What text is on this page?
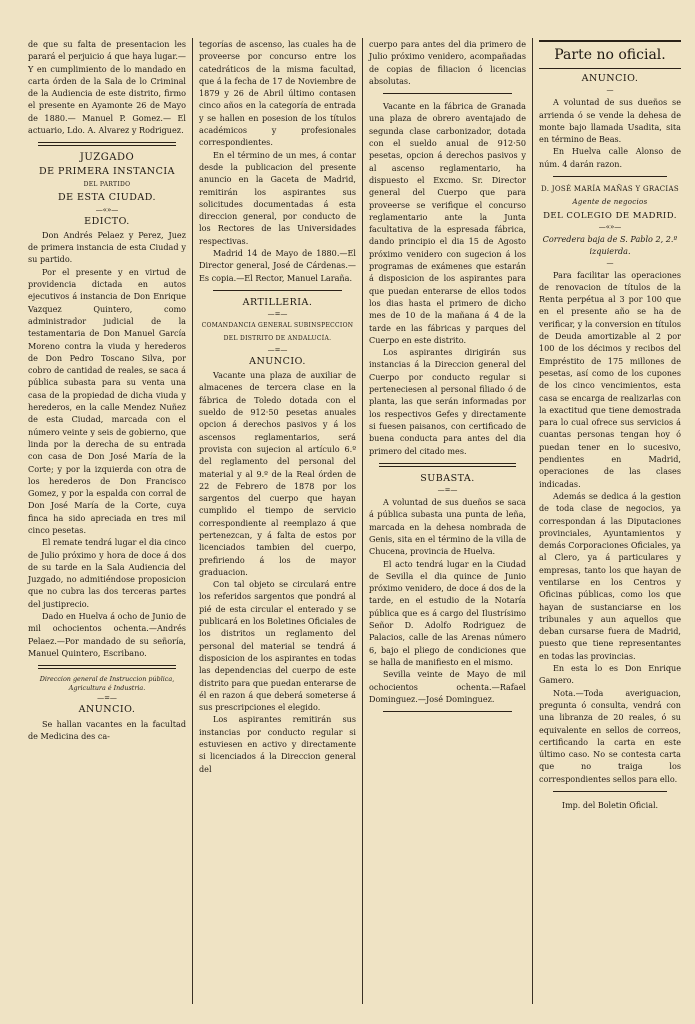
de que su falta de presentacion les parará el perjuicio á que haya lugar.— Y en cumplimiento de lo mandado en carta órden de la Sala de lo Criminal de la Audiencia de este distrito, firmo el presente en Ayamonte 26 de Mayo de 1880.— Manuel P. Gomez.— El actuario, Ldo. A. Alvarez y Rodriguez.

JUZGADO
DE PRIMERA INSTANCIA
DEL PARTIDO
DE ESTA CIUDAD.
—«»—
EDICTO.

Don Andrés Pelaez y Perez, Juez de primera instancia de esta Ciudad y su partido.

Por el presente y en virtud de providencia dictada en autos ejecutivos á instancia de Don Enrique Vazquez Quintero, como administrador judicial de la testamentaria de Don Manuel García Moreno contra la viuda y herederos de Don Pedro Toscano Silva, por cobro de cantidad de reales, se saca á pública subasta para su venta una casa de la propiedad de dicha viuda y herederos, en la calle Mendez Nuñez de esta Ciudad, marcada con el número veinte y seis de gobierno, que linda por la derecha de su entrada con casa de Don José María de la Corte; y por la izquierda con otra de los herederos de Don Francisco Gomez, y por la espalda con corral de Don José María de la Corte, cuya finca ha sido apreciada en tres mil cinco pesetas.

El remate tendrá lugar el dia cinco de Julio próximo y hora de doce á dos de su tarde en la Sala Audiencia del Juzgado, no admitiéndose proposicion que no cubra las dos terceras partes del justiprecio.

Dado en Huelva á ocho de Junio de mil ochocientos ochenta.—Andrés Pelaez.—Por mandado de su señoría, Manuel Quintero, Escribano.

Direccion general de Instruccion pública, Agricultura é Industria.

—=—
ANUNCIO.

Se hallan vacantes en la facultad de Medicina des ca-

tegorías de ascenso, las cuales ha de proveerse por concurso entre los catedráticos de la misma facultad, que á la fecha de 17 de Noviembre de 1879 y 26 de Abril último contasen cinco años en la categoría de entrada y se hallen en posesion de los títulos académicos y profesionales correspondientes.

En el término de un mes, á contar desde la publicacion del presente anuncio en la Gaceta de Madrid, remitirán los aspirantes sus solicitudes documentadas á esta direccion general, por conducto de los Rectores de las Universidades respectivas.

Madrid 14 de Mayo de 1880.—El Director general, José de Cárdenas.—Es copia.—El Rector, Manuel Laraña.

ARTILLERIA.
—=—
COMANDANCIA GENERAL SUBINSPECCION DEL DISTRITO DE ANDALUCÍA.
—=—
ANUNCIO.

Vacante una plaza de auxiliar de almacenes de tercera clase en la fábrica de Toledo dotada con el sueldo de 912·50 pesetas anuales opcion á derechos pasivos y á los ascensos reglamentarios, será provista con sujecion al artículo 6.º del reglamento del personal del material y al 9.º de la Real órden de 22 de Febrero de 1878 por los sargentos del cuerpo que hayan cumplido el tiempo de servicio correspondiente al reemplazo á que pertenezcan, y á falta de estos por licenciados tambien del cuerpo, prefiriendo á los de mayor graduacion.

Con tal objeto se circulará entre los referidos sargentos que pondrá al pié de esta circular el enterado y se publicará en los Boletines Oficiales de los distritos un reglamento del personal del material se tendrá á disposicion de los aspirantes en todas las dependencias del cuerpo de este distrito para que puedan enterarse de él en razon á que deberá someterse á sus prescripciones el elegido.

Los aspirantes remitirán sus instancias por conducto regular si estuviesen en activo y directamente si licenciados á la Direccion general del

cuerpo para antes del dia primero de Julio próximo venidero, acompañadas de copias de filiacion ó licencias absolutas.

Vacante en la fábrica de Granada una plaza de obrero aventajado de segunda clase carbonizador, dotada con el sueldo anual de 912·50 pesetas, opcion á derechos pasivos y al ascenso reglamentario, ha dispuesto el Excmo. Sr. Director general del Cuerpo que para proveerse se verifique el concurso reglamentario ante la Junta facultativa de la espresada fábrica, dando principio el dia 15 de Agosto próximo venidero con sugecion á los programas de exámenes que estarán á disposicion de los aspirantes para que puedan enterarse de ellos todos los dias hasta el primero de dicho mes de 10 de la mañana á 4 de la tarde en las fábricas y parques del Cuerpo en este distrito.

Los aspirantes dirigirán sus instancias á la Direccion general del Cuerpo por conducto regular si perteneciesen al personal filiado ó de planta, las que serán informadas por los respectivos Gefes y directamente si fuesen paisanos, con certificado de buena conducta para antes del dia primero del citado mes.

SUBASTA.
—=—

A voluntad de sus dueños se saca á pública subasta una punta de leña, marcada en la dehesa nombrada de Genis, sita en el término de la villa de Chucena, provincia de Huelva.

El acto tendrá lugar en la Ciudad de Sevilla el dia quince de Junio próximo venidero, de doce á dos de la tarde, en el estudio de la Notaría pública que es á cargo del Ilustrísimo Señor D. Adolfo Rodriguez de Palacios, calle de las Arenas número 6, bajo el pliego de condiciones que se halla de manifiesto en el mismo.

Sevilla veinte de Mayo de mil ochocientos ochenta.—Rafael Dominguez.—José Dominguez.

Parte no oficial.
ANUNCIO.
—

A voluntad de sus dueños se arrienda ó se vende la dehesa de monte bajo llamada Usadita, sita en término de Beas.

En Huelva calle Alonso de núm. 4 darán razon.

D. JOSÉ MARÍA MAÑAS Y GRACIAS
Agente de negocios
DEL COLEGIO DE MADRID.
—«»—

Corredera baja de S. Pablo 2, 2.º izquierda.

—

Para facilitar las operaciones de renovacion de títulos de la Renta perpétua al 3 por 100 que en el presente año se ha de verificar, y la conversion en títulos de Deuda amortizable al 2 por 100 de los décimos y recibos del Empréstito de 175 millones de pesetas, así como de los cupones de los cinco vencimientos, esta casa se encarga de realizarlas con la exactitud que tiene demostrada para lo cual ofrece sus servicios á cuantas personas tengan hoy ó puedan tener en lo sucesivo, pendientes en Madrid, operaciones de las clases indicadas.

Además se dedica á la gestion de toda clase de negocios, ya correspondan á las Diputaciones provinciales, Ayuntamientos y demás Corporaciones Oficiales, ya al Clero, ya á particulares y empresas, tanto los que hayan de ventilarse en los Centros y Oficinas públicas, como los que hayan de sustanciarse en los tribunales y aun aquellos que deban cursarse fuera de Madrid, puesto que tiene representantes en todas las provincias.

En esta lo es Don Enrique Gamero.

Nota.—Toda averiguacion, pregunta ó consulta, vendrá con una libranza de 20 reales, ó su equivalente en sellos de correos, certificando la carta en este último caso. No se contesta carta que no traiga los correspondientes sellos para ello.

Imp. del Boletin Oficial.
